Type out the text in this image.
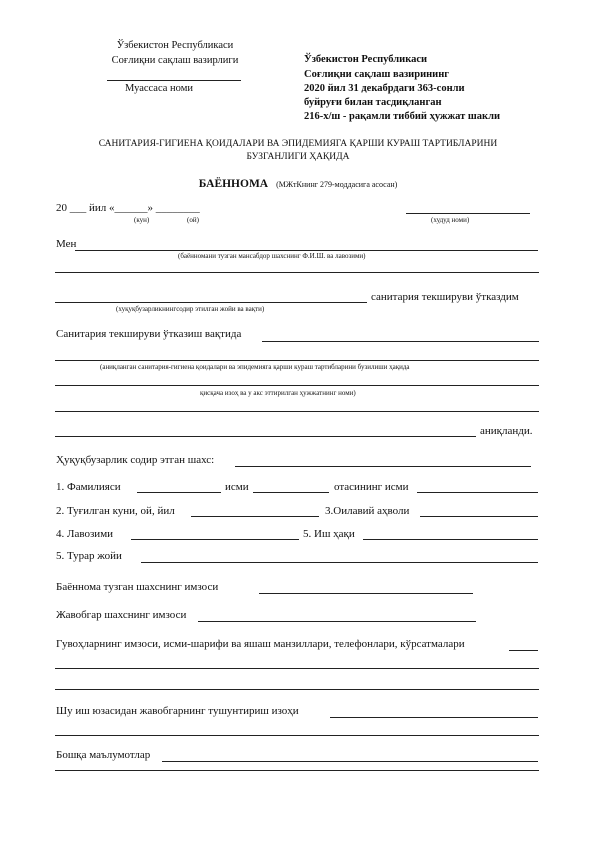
Ўзбекистон Республикаси
Соғлиқни сақлаш вазирлиги
Муассаса номи
Ўзбекистон Республикаси
Соғлиқни сақлаш вазирининг
2020 йил 31 декабрдаги 363-сонли
буйруғи билан тасдиқланган
216-х/ш - рақамли тиббий ҳужжат шакли
САНИТАРИЯ-ГИГИЕНА ҚОИДАЛАРИ ВА ЭПИДЕМИЯГА ҚАРШИ КУРАШ ТАРТИБЛАРИНИ
БУЗГАНЛИГИ ҲАҚИДА
БАЁННОМА (МЖтКнинг 279-моддасига асосан)
20 ___ йил «______» ________
(кун)	(ой)	(худуд номи)
Мен
(баённомани тузган мансабдор шахснинг Ф.И.Ш. ва лавозими)
санитария текшируви ўтказдим
(хуқуқбузарликнингсодир этилган жойи ва вақти)
Санитария текшируви ўтказиш вақтида
(аниқланган санитария-гигиена қоидалари ва эпидемияга қарши кураш тартибларини бузилиши ҳақида
қисқача изоҳ ва у акс эттирилган ҳужжатнинг номи)
аниқланди.
Ҳуқуқбузарлик содир этган шахс:
1. Фамилияси	исми	отасининг исми
2. Туғилган куни, ой, йил	3.Оилавий аҳволи
4. Лавозими	5. Иш ҳақи
5. Турар жойи
Баённома тузган шахснинг имзоси
Жавобгар шахснинг имзоси
Гувоҳларнинг имзоси, исми-шарифи ва яшаш манзиллари, телефонлари, кўрсатмалари
Шу иш юзасидан жавобгарнинг тушунтириш изоҳи
Бошқа маълумотлар
